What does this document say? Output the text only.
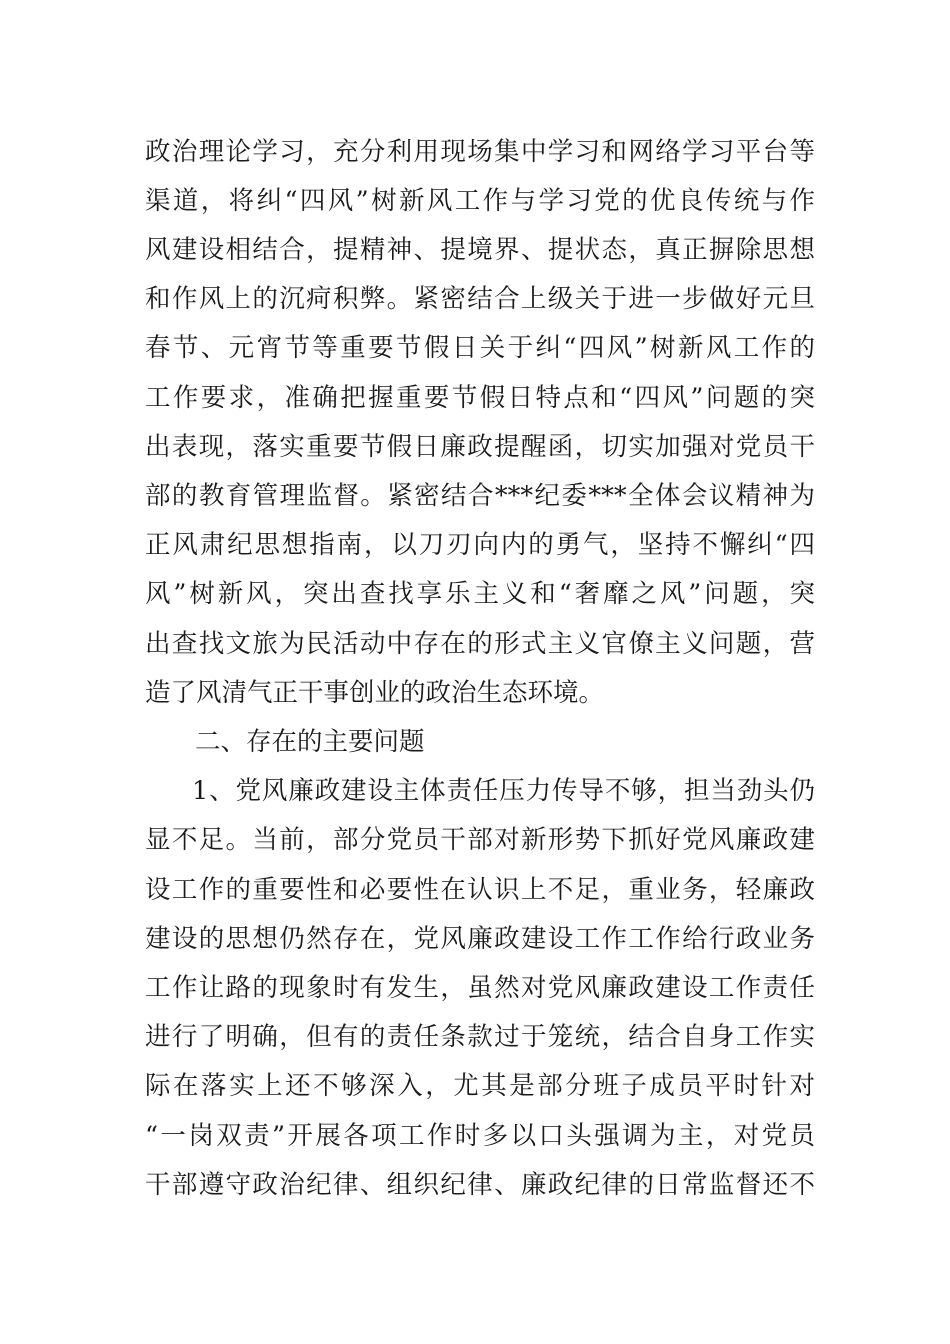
政治理论学习，充分利用现场集中学习和网络学习平台等
渠道，将纠“四风”树新风工作与学习党的优良传统与作
风建设相结合，提精神、提境界、提状态，真正摒除思想
和作风上的沉疴积弊。紧密结合上级关于进一步做好元旦
春节、元宵节等重要节假日关于纠“四风”树新风工作的
工作要求，准确把握重要节假日特点和“四风”问题的突
出表现，落实重要节假日廉政提醒函，切实加强对党员干
部的教育管理监督。紧密结合***纪委***全体会议精神为
正风肃纪思想指南，以刀刃向内的勇气，坚持不懈纠“四
风”树新风，突出查找享乐主义和“奢靡之风”问题，突
出查找文旅为民活动中存在的形式主义官僚主义问题，营
造了风清气正干事创业的政治生态环境。
二、存在的主要问题
1、党风廉政建设主体责任压力传导不够，担当劲头仍
显不足。当前，部分党员干部对新形势下抓好党风廉政建
设工作的重要性和必要性在认识上不足，重业务，轻廉政
建设的思想仍然存在，党风廉政建设工作工作给行政业务
工作让路的现象时有发生，虽然对党风廉政建设工作责任
进行了明确，但有的责任条款过于笼统，结合自身工作实
际在落实上还不够深入，尤其是部分班子成员平时针对
“一岗双责”开展各项工作时多以口头强调为主，对党员
干部遵守政治纪律、组织纪律、廉政纪律的日常监督还不
